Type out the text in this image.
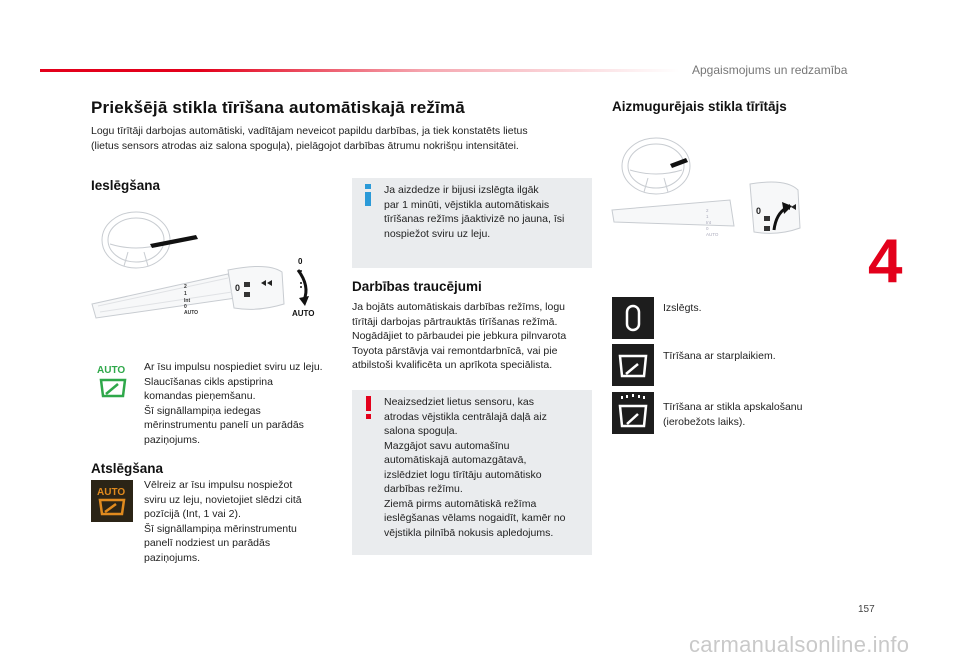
Apgaismojums un redzamība
Priekšējā stikla tīrīšana automātiskajā režīmā
Logu tīrītāji darbojas automātiski, vadītājam neveicot papildu darbības, ja tiek konstatēts lietus
(lietus sensors atrodas aiz salona spoguļa), pielāgojot darbības ātrumu nokrišņu intensitātei.
Ieslēgšana
2
1
Int
0
AUTO
0
0
AUTO
AUTO Ar īsu impulsu nospiediet sviru uz leju.
Slaucīšanas cikls apstiprina
komandas pieņemšanu.
Šī signāllampiņa iedegas
mērinstrumentu panelī un parādās
paziņojums.
Atslēgšana
AUTO
Vēlreiz ar īsu impulsu nospiežot
sviru uz leju, novietojiet slēdzi citā
pozīcijā (Int, 1 vai 2).
Šī signāllampiņa mērinstrumentu
panelī nodziest un parādās
paziņojums.
Ja aizdedze ir bijusi izslēgta ilgāk
par 1 minūti, vējstikla automātiskais
tīrīšanas režīms jāaktivizē no jauna, īsi
nospiežot sviru uz leju.
Darbības traucējumi
Ja bojāts automātiskais darbības režīms, logu
tīrītāji darbojas pārtrauktās tīrīšanas režīmā.
Nogādājiet to pārbaudei pie jebkura pilnvarota
Toyota pārstāvja vai remontdarbnīcā, vai pie
atbilstoši kvalificēta un aprīkota speciālista.
Neaizsedziet lietus sensoru, kas
atrodas vējstikla centrālajā daļā aiz
salona spoguļa.
Mazgājot savu automašīnu
automātiskajā automazgātavā,
izslēdziet logu tīrītāju automātisko
darbības režīmu.
Ziemā pirms automātiskā režīma
ieslēgšanas vēlams nogaidīt, kamēr no
vējstikla pilnībā nokusis apledojums.
Aizmugurējais stikla tīrītājs
2
1
Int
0
AUTO
0
Izslēgts.
Tīrīšana ar starplaikiem.
Tīrīšana ar stikla apskalošanu
(ierobežots laiks).
4
157
carmanualsonline.info
